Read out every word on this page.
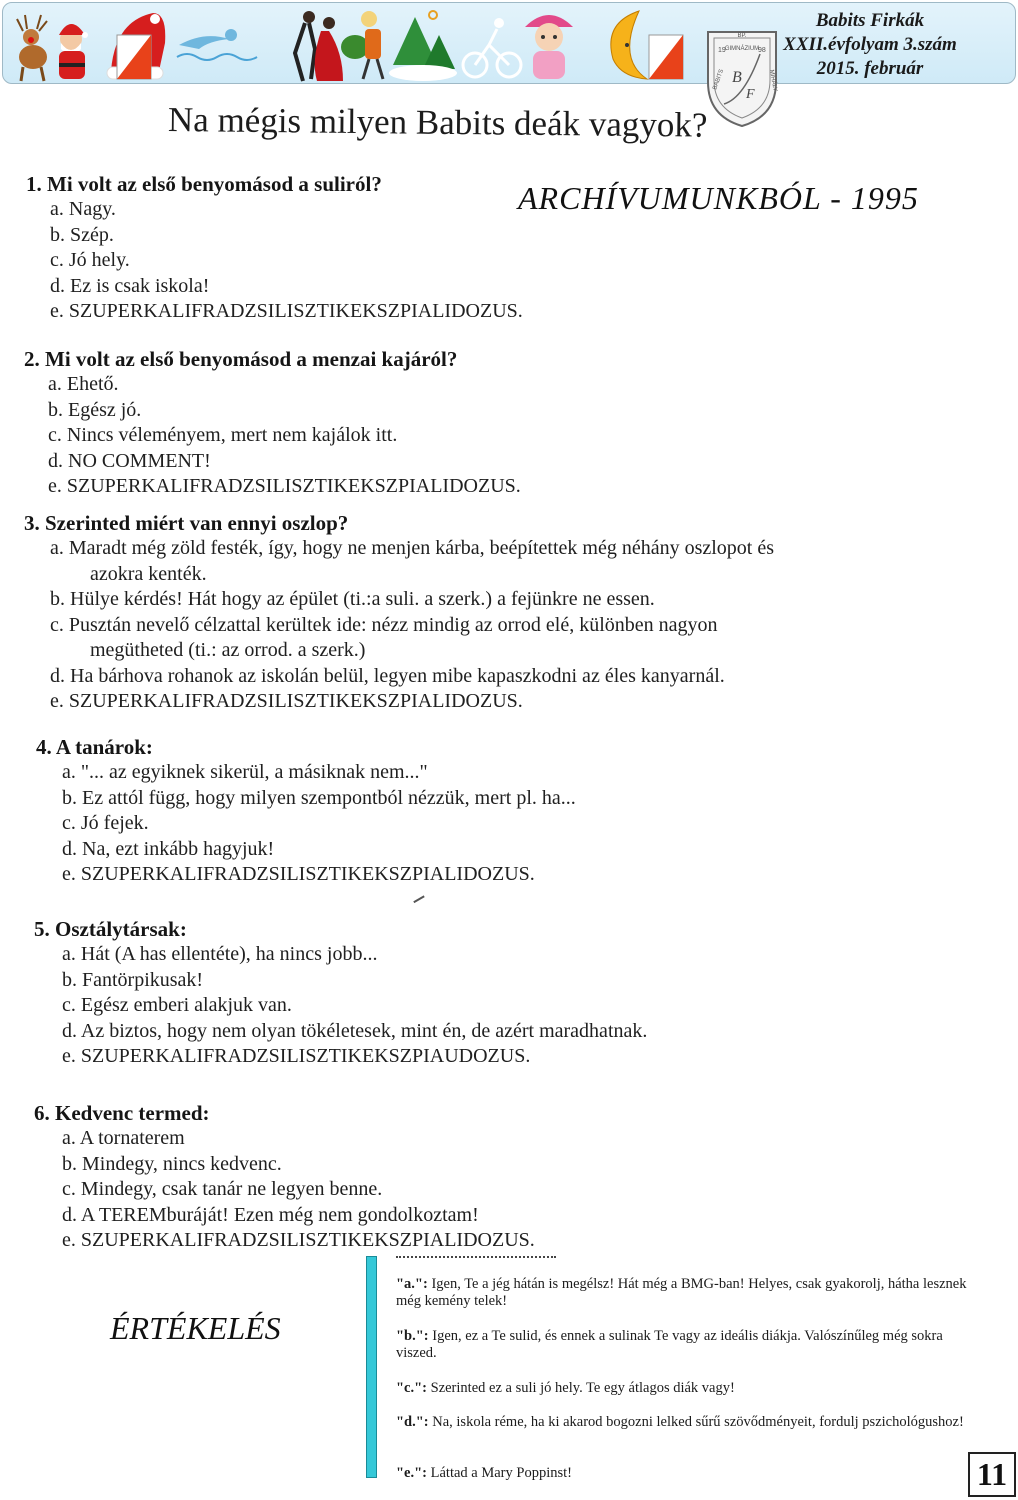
Babits Firkák
XXII.évfolyam 3.szám
2015. február
BP.
19 GIMNÁZIUM
98
BABITS	MIHÁLY
B
F
Na mégis milyen Babits deák vagyok?
ARCHÍVUMUNKBÓL - 1995
1. Mi volt az első benyomásod a suliról?
a. Nagy.
b. Szép.
c. Jó hely.
d. Ez is csak iskola!
e. SZUPERKALIFRADZSILISZTIKEKSZPIALIDOZUS.
2. Mi volt az első benyomásod a menzai kajáról?
a. Ehető.
b. Egész jó.
c. Nincs véleményem, mert nem kajálok itt.
d. NO COMMENT!
e. SZUPERKALIFRADZSILISZTIKEKSZPIALIDOZUS.
3. Szerinted miért van ennyi oszlop?
a. Maradt még zöld festék, így, hogy ne menjen kárba, beépítettek még néhány oszlopot és
azokra kenték.
b. Hülye kérdés! Hát hogy az épület (ti.:a suli. a szerk.) a fejünkre ne essen.
c. Pusztán nevelő célzattal kerültek ide: nézz mindig az orrod elé, különben nagyon
megütheted (ti.: az orrod. a szerk.)
d. Ha bárhova rohanok az iskolán belül, legyen mibe kapaszkodni az éles kanyarnál.
e. SZUPERKALIFRADZSILISZTIKEKSZPIALIDOZUS.
4. A tanárok:
a. "... az egyiknek sikerül, a másiknak nem..."
b. Ez attól függ, hogy milyen szempontból nézzük, mert pl. ha...
c. Jó fejek.
d. Na, ezt inkább hagyjuk!
e. SZUPERKALIFRADZSILISZTIKEKSZPIALIDOZUS.
5. Osztálytársak:
a. Hát (A has ellentéte), ha nincs jobb...
b. Fantörpikusak!
c. Egész emberi alakjuk van.
d. Az biztos, hogy nem olyan tökéletesek, mint én, de azért maradhatnak.
e. SZUPERKALIFRADZSILISZTIKEKSZPIAUDOZUS.
6. Kedvenc termed:
a. A tornaterem
b. Mindegy, nincs kedvenc.
c. Mindegy, csak tanár ne legyen benne.
d. A TEREMburáját! Ezen még nem gondolkoztam!
e. SZUPERKALIFRADZSILISZTIKEKSZPIALIDOZUS.
ÉRTÉKELÉS
"a.": Igen, Te a jég hátán is megélsz! Hát még a BMG-ban! Helyes, csak gyakorolj, hátha lesznek még kemény telek!
"b.": Igen, ez a Te sulid, és ennek a sulinak Te vagy az ideális diákja. Valószínűleg még sokra viszed.
"c.": Szerinted ez a suli jó hely. Te egy átlagos diák vagy!
"d.": Na, iskola réme, ha ki akarod bogozni lelked sűrű szövődményeit, fordulj pszichológushoz!
"e.": Láttad a Mary Poppinst!	11
